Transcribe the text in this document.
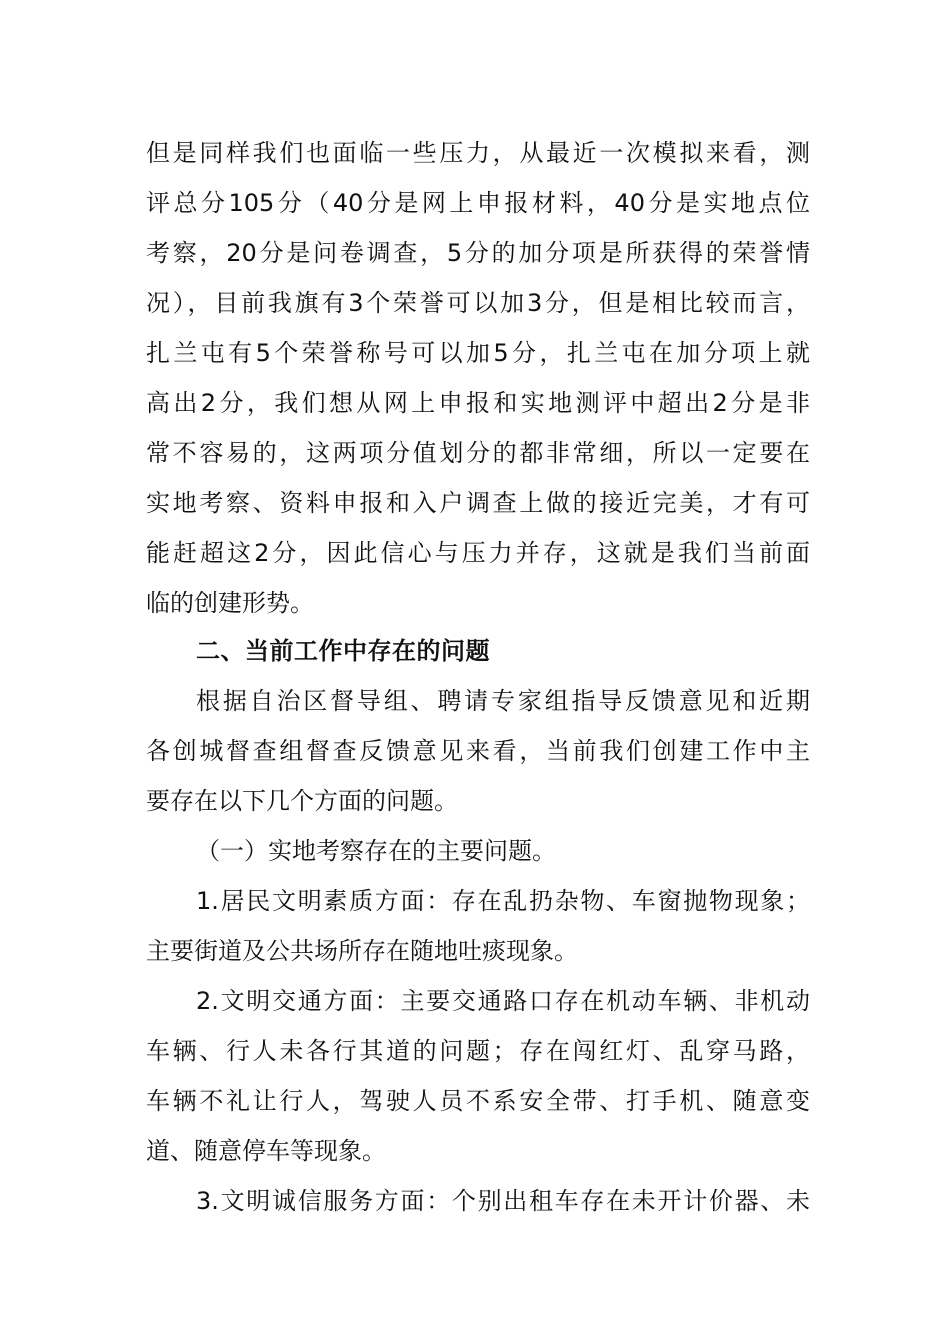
但是同样我们也面临一些压力，从最近一次模拟来看，测
评总分105分（40分是网上申报材料，40分是实地点位
考察，20分是问卷调查，5分的加分项是所获得的荣誉情
况），目前我旗有3个荣誉可以加3分，但是相比较而言，
扎兰屯有5个荣誉称号可以加5分，扎兰屯在加分项上就
高出2分，我们想从网上申报和实地测评中超出2分是非
常不容易的，这两项分值划分的都非常细，所以一定要在
实地考察、资料申报和入户调查上做的接近完美，才有可
能赶超这2分，因此信心与压力并存，这就是我们当前面
临的创建形势。
二、当前工作中存在的问题
根据自治区督导组、聘请专家组指导反馈意见和近期
各创城督查组督查反馈意见来看，当前我们创建工作中主
要存在以下几个方面的问题。
（一）实地考察存在的主要问题。
1.居民文明素质方面：存在乱扔杂物、车窗抛物现象；
主要街道及公共场所存在随地吐痰现象。
2.文明交通方面：主要交通路口存在机动车辆、非机动
车辆、行人未各行其道的问题；存在闯红灯、乱穿马路，
车辆不礼让行人，驾驶人员不系安全带、打手机、随意变
道、随意停车等现象。
3.文明诚信服务方面：个别出租车存在未开计价器、未
